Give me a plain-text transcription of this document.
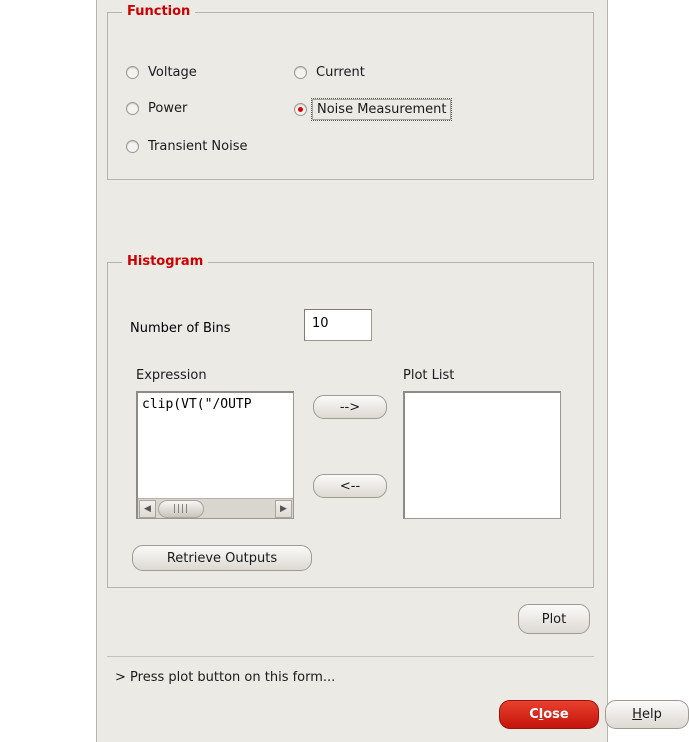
Function
Voltage	Current
Power	Noise Measurement
Transient Noise
Histogram
Number of Bins	10
Expression	Plot List
clip(VT("/OUTP
◀	||||	▶
-->
<--
Retrieve Outputs
Plot
> Press plot button on this form...
C l ose	H elp
